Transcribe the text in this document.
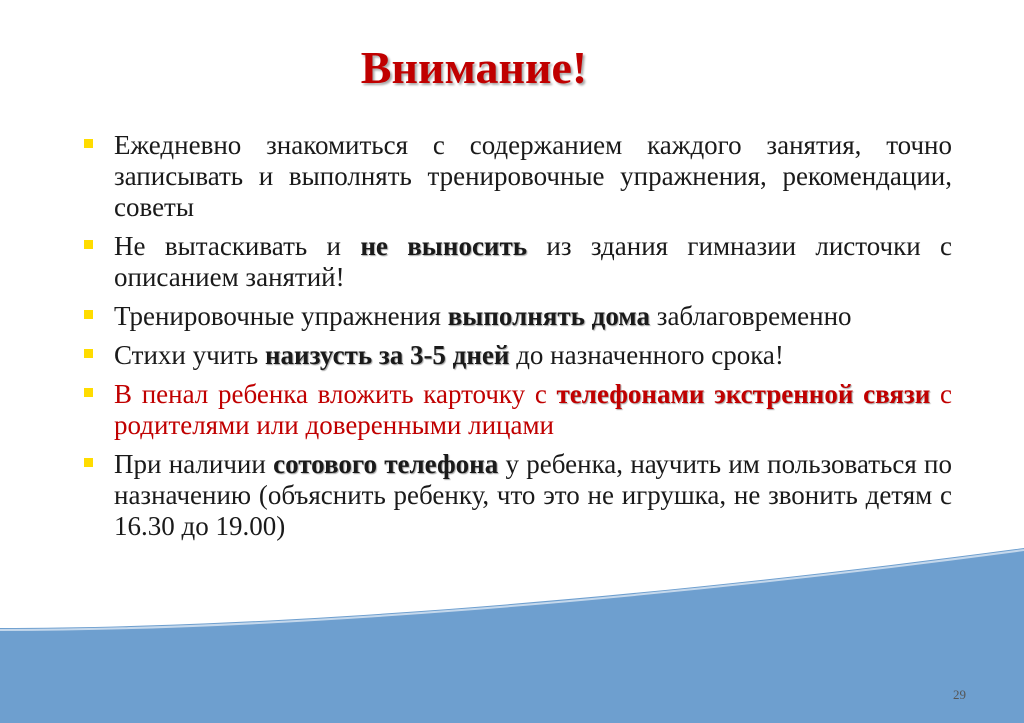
Внимание!
Ежедневно знакомиться с содержанием каждого занятия, точно записывать и выполнять тренировочные упражнения, рекомендации, советы
Не вытаскивать и не выносить из здания гимназии листочки с описанием занятий!
Тренировочные упражнения выполнять дома заблаговременно
Стихи учить наизусть за 3-5 дней до назначенного срока!
В пенал ребенка вложить карточку с телефонами экстренной связи с родителями или доверенными лицами
При наличии сотового телефона у ребенка, научить им пользоваться по назначению (объяснить ребенку, что это не игрушка, не звонить детям с 16.30 до 19.00)
29
